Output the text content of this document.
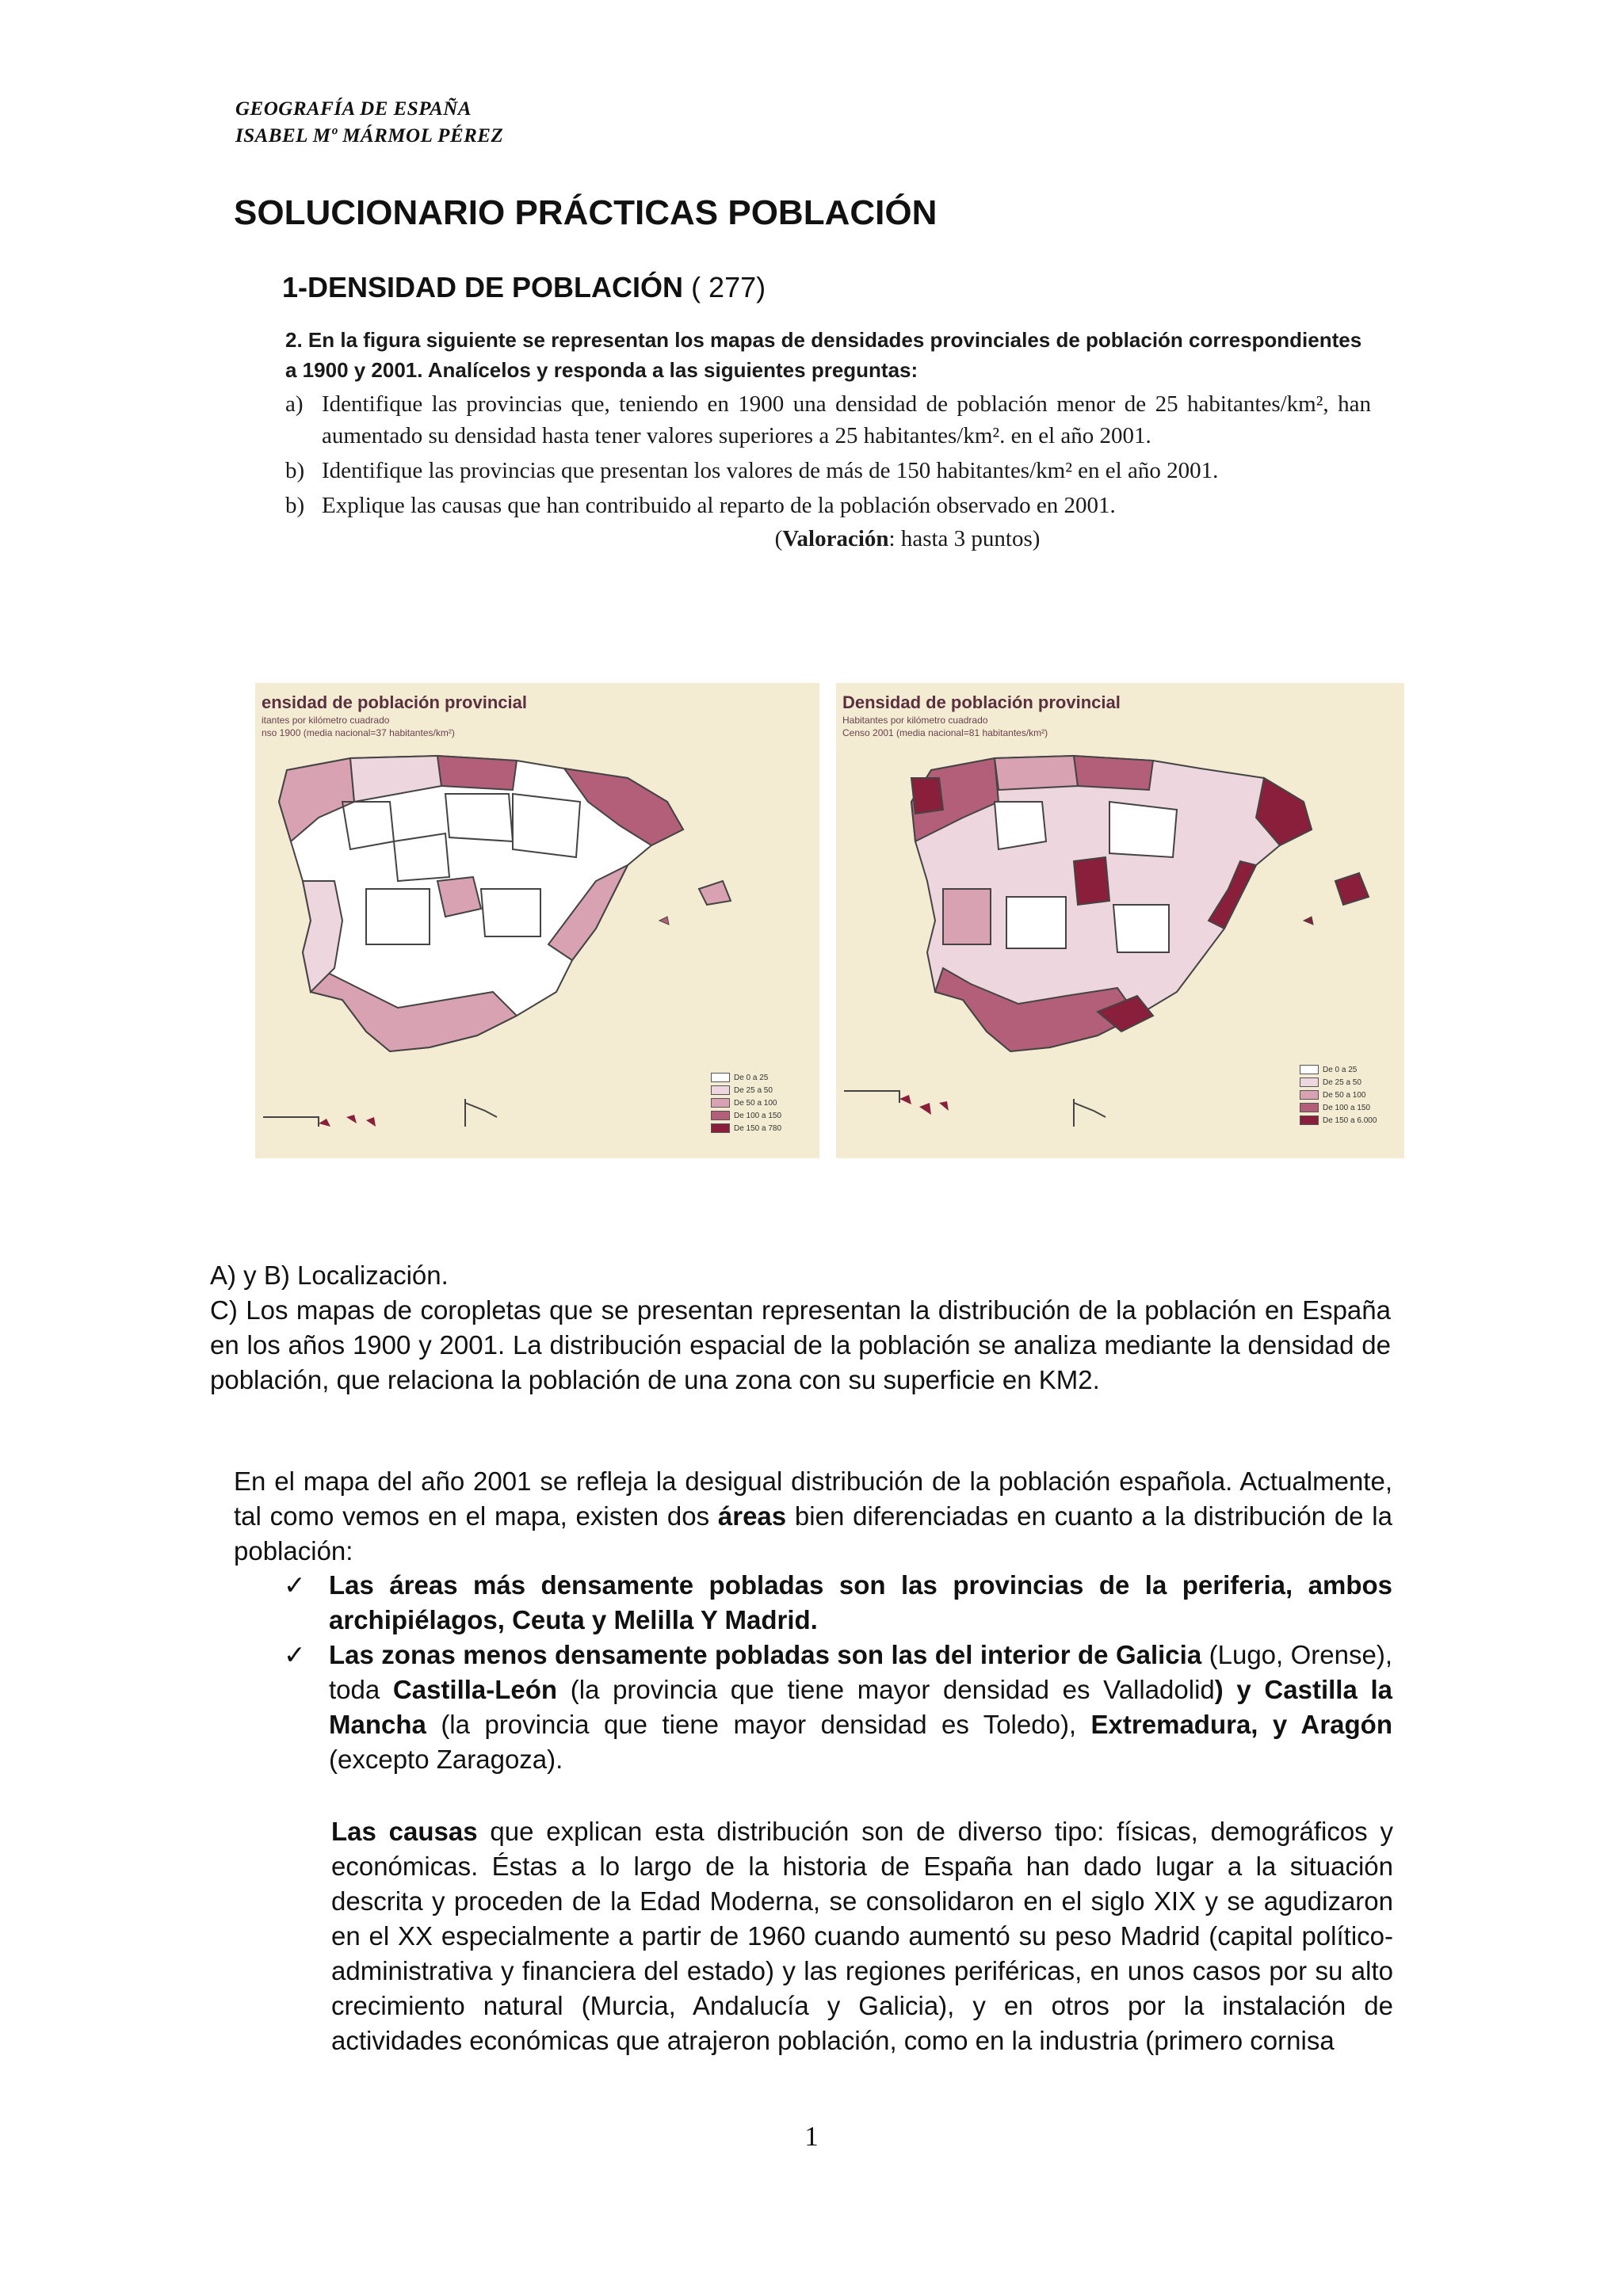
GEOGRAFÍA DE ESPAÑA
ISABEL Mº MÁRMOL PÉREZ
SOLUCIONARIO PRÁCTICAS POBLACIÓN
1-DENSIDAD DE POBLACIÓN ( 277)
2. En la figura siguiente se representan los mapas de densidades provinciales de población correspondientes a 1900 y 2001. Analícelos y responda a las siguientes preguntas:
a) Identifique las provincias que, teniendo en 1900 una densidad de población menor de 25 habitantes/km², han aumentado su densidad hasta tener valores superiores a 25 habitantes/km². en el año 2001.
b) Identifique las provincias que presentan los valores de más de 150 habitantes/km² en el año 2001.
b) Explique las causas que han contribuido al reparto de la población observado en 2001.
(Valoración: hasta 3 puntos)
ensidad de población provincial
itantes por kilómetro cuadrado
nso 1900 (media nacional=37 habitantes/km²)
De 0 a 25
De 25 a 50
De 50 a 100
De 100 a 150
De 150 a 780
Densidad de población provincial
Habitantes por kilómetro cuadrado
Censo 2001 (media nacional=81 habitantes/km²)
De 0 a 25
De 25 a 50
De 50 a 100
De 100 a 150
De 150 a 6.000
A) y B) Localización.
C) Los mapas de coropletas que se presentan representan la distribución de la población en España en los años 1900 y 2001. La distribución espacial de la población se analiza mediante la densidad de población, que relaciona la población de una zona con su superficie en KM2.
En el mapa del año 2001 se refleja la desigual distribución de la población española. Actualmente, tal como vemos en el mapa, existen dos áreas bien diferenciadas en cuanto a la distribución de la población:
✓ Las áreas más densamente pobladas son las provincias de la periferia, ambos archipiélagos, Ceuta y Melilla Y Madrid.
✓ Las zonas menos densamente pobladas son las del interior de Galicia (Lugo, Orense), toda Castilla-León (la provincia que tiene mayor densidad es Valladolid) y Castilla la Mancha (la provincia que tiene mayor densidad es Toledo), Extremadura, y Aragón (excepto Zaragoza).
Las causas que explican esta distribución son de diverso tipo: físicas, demográficos y económicas. Éstas a lo largo de la historia de España han dado lugar a la situación descrita y proceden de la Edad Moderna, se consolidaron en el siglo XIX y se agudizaron en el XX especialmente a partir de 1960 cuando aumentó su peso Madrid (capital político-administrativa y financiera del estado) y las regiones periféricas, en unos casos por su alto crecimiento natural (Murcia, Andalucía y Galicia), y en otros por la instalación de actividades económicas que atrajeron población, como en la industria (primero cornisa
1
